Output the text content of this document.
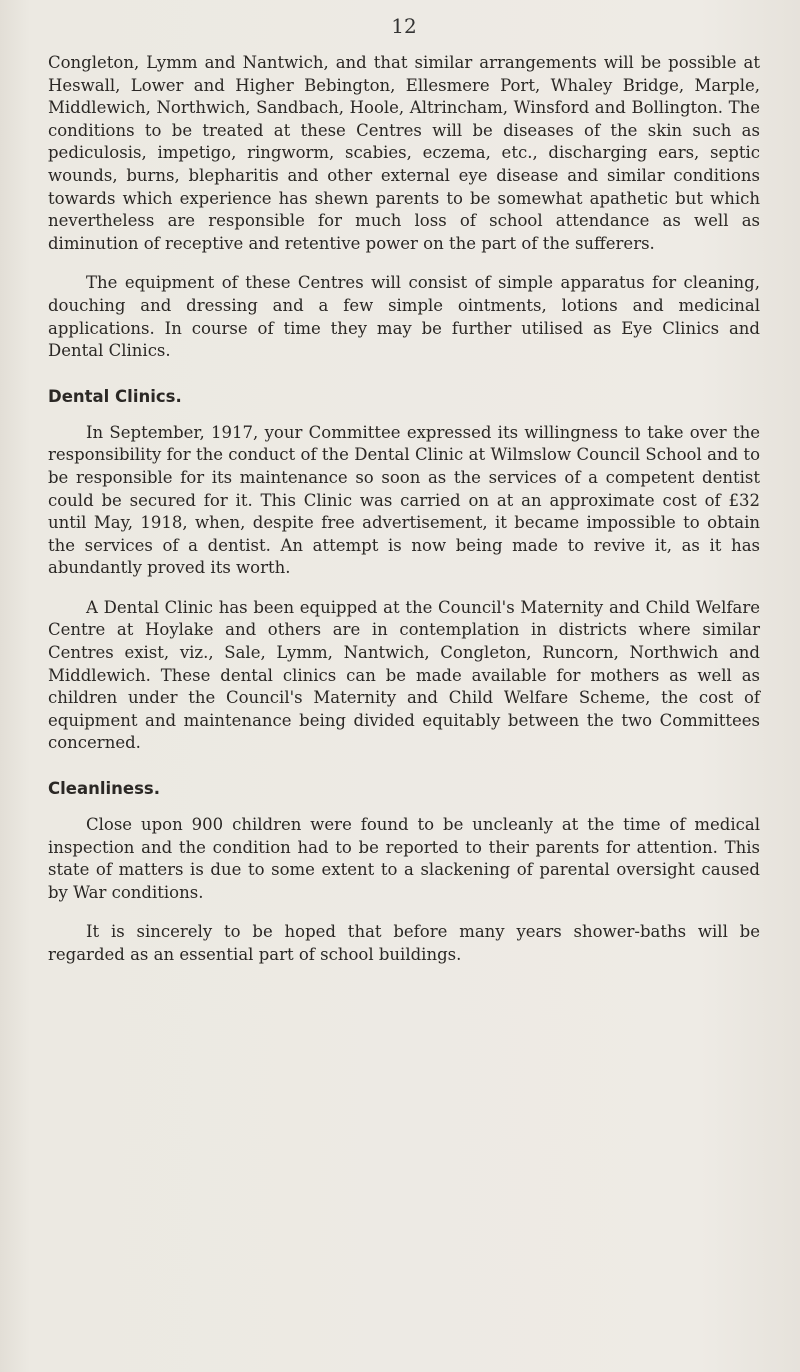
12

Congleton, Lymm and Nantwich, and that similar arrangements will be possible at Heswall, Lower and Higher Bebington, Ellesmere Port, Whaley Bridge, Marple, Middlewich, Northwich, Sandbach, Hoole, Altrincham, Winsford and Bollington. The conditions to be treated at these Centres will be diseases of the skin such as pediculosis, impetigo, ringworm, scabies, eczema, etc., discharging ears, septic wounds, burns, blepharitis and other external eye disease and similar conditions towards which experience has shewn parents to be somewhat apathetic but which nevertheless are responsible for much loss of school attendance as well as diminution of receptive and retentive power on the part of the sufferers.

The equipment of these Centres will consist of simple apparatus for cleaning, douching and dressing and a few simple ointments, lotions and medicinal applications. In course of time they may be further utilised as Eye Clinics and Dental Clinics.

Dental Clinics.

In September, 1917, your Committee expressed its willingness to take over the responsibility for the conduct of the Dental Clinic at Wilmslow Council School and to be responsible for its maintenance so soon as the services of a competent dentist could be secured for it. This Clinic was carried on at an approximate cost of £32 until May, 1918, when, despite free advertisement, it became impossible to obtain the services of a dentist. An attempt is now being made to revive it, as it has abundantly proved its worth.

A Dental Clinic has been equipped at the Council's Maternity and Child Welfare Centre at Hoylake and others are in contemplation in districts where similar Centres exist, viz., Sale, Lymm, Nantwich, Congleton, Runcorn, Northwich and Middlewich. These dental clinics can be made available for mothers as well as children under the Council's Maternity and Child Welfare Scheme, the cost of equipment and maintenance being divided equitably between the two Committees concerned.

Cleanliness.

Close upon 900 children were found to be uncleanly at the time of medical inspection and the condition had to be reported to their parents for attention. This state of matters is due to some extent to a slackening of parental oversight caused by War conditions.

It is sincerely to be hoped that before many years shower-baths will be regarded as an essential part of school buildings.
